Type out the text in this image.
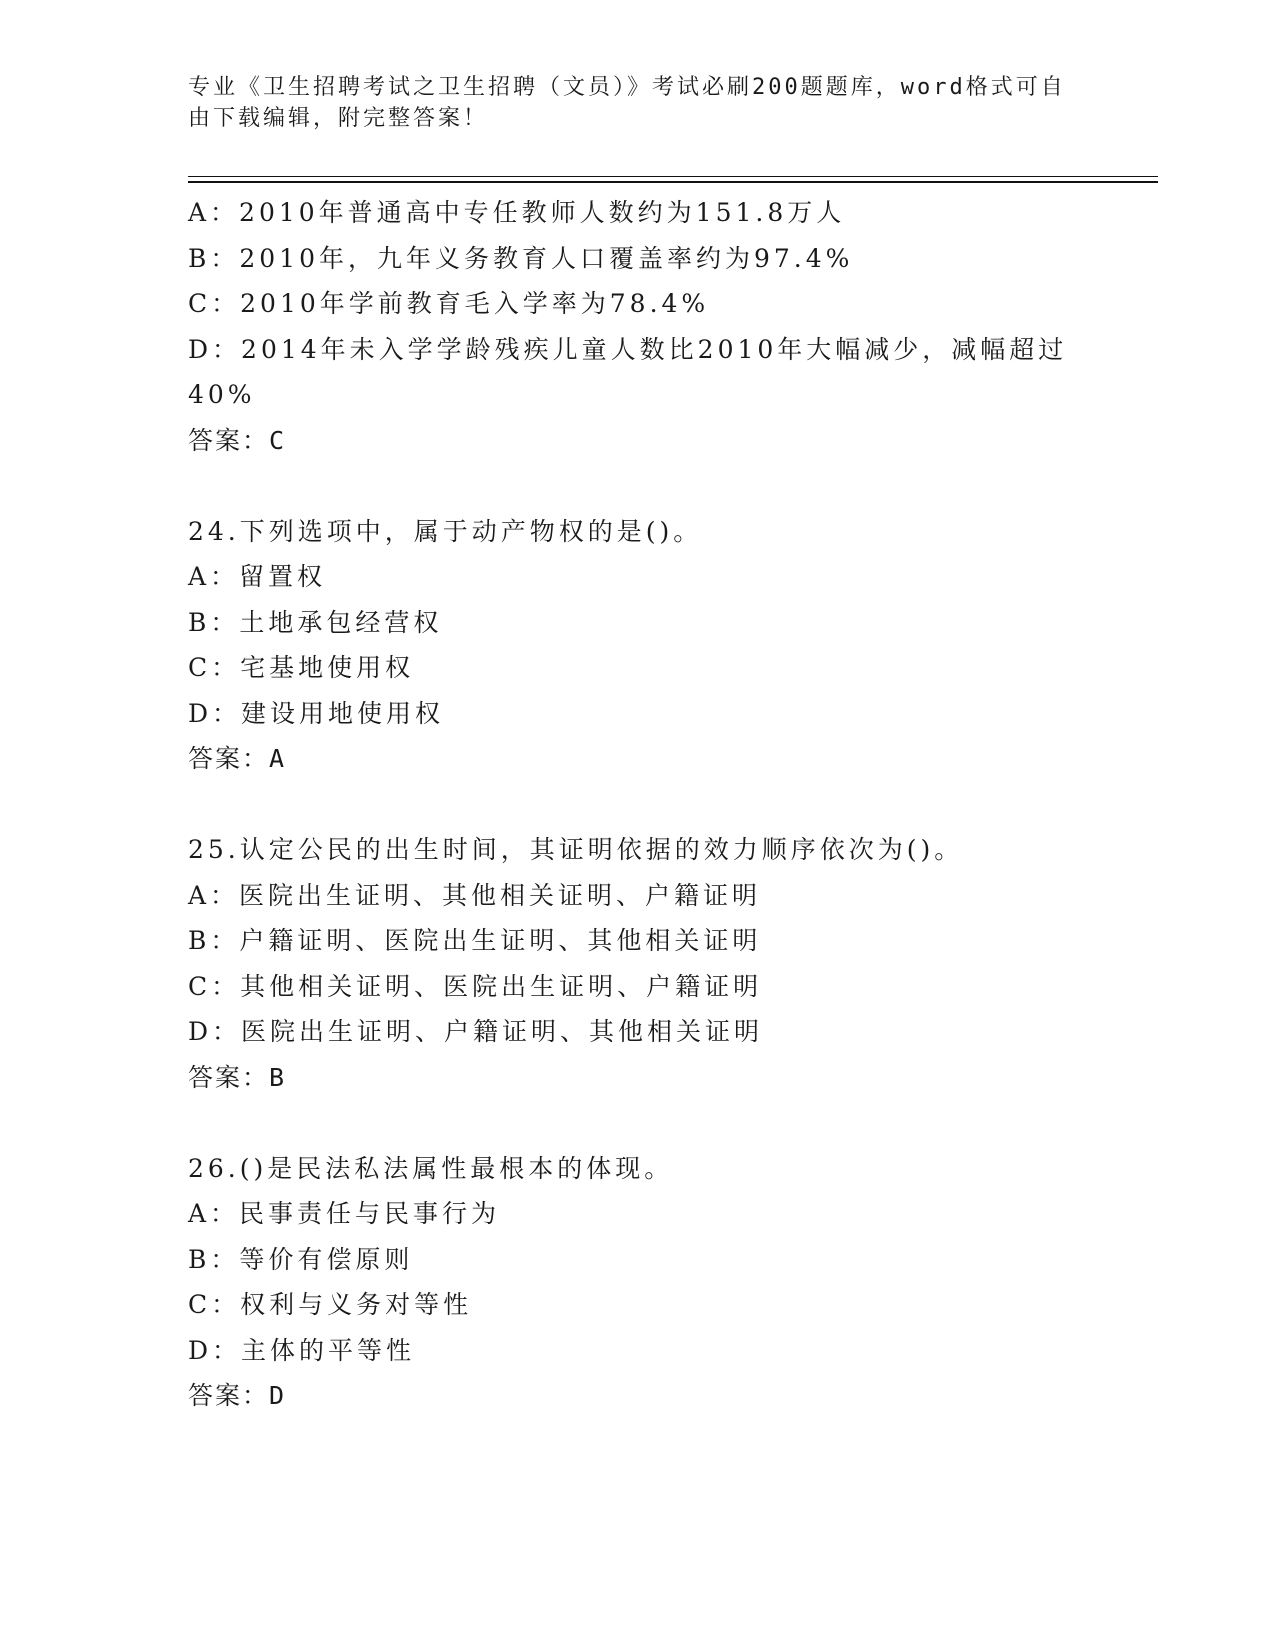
专业《卫生招聘考试之卫生招聘（文员）》考试必刷200题题库，word格式可自
由下载编辑，附完整答案！
A：2010年普通高中专任教师人数约为151.8万人
B：2010年，九年义务教育人口覆盖率约为97.4%
C：2010年学前教育毛入学率为78.4%
D：2014年未入学学龄残疾儿童人数比2010年大幅减少，减幅超过
40%
答案：C
24.下列选项中，属于动产物权的是()。
A：留置权
B：土地承包经营权
C：宅基地使用权
D：建设用地使用权
答案：A
25.认定公民的出生时间，其证明依据的效力顺序依次为()。
A：医院出生证明、其他相关证明、户籍证明
B：户籍证明、医院出生证明、其他相关证明
C：其他相关证明、医院出生证明、户籍证明
D：医院出生证明、户籍证明、其他相关证明
答案：B
26.()是民法私法属性最根本的体现。
A：民事责任与民事行为
B：等价有偿原则
C：权利与义务对等性
D：主体的平等性
答案：D
